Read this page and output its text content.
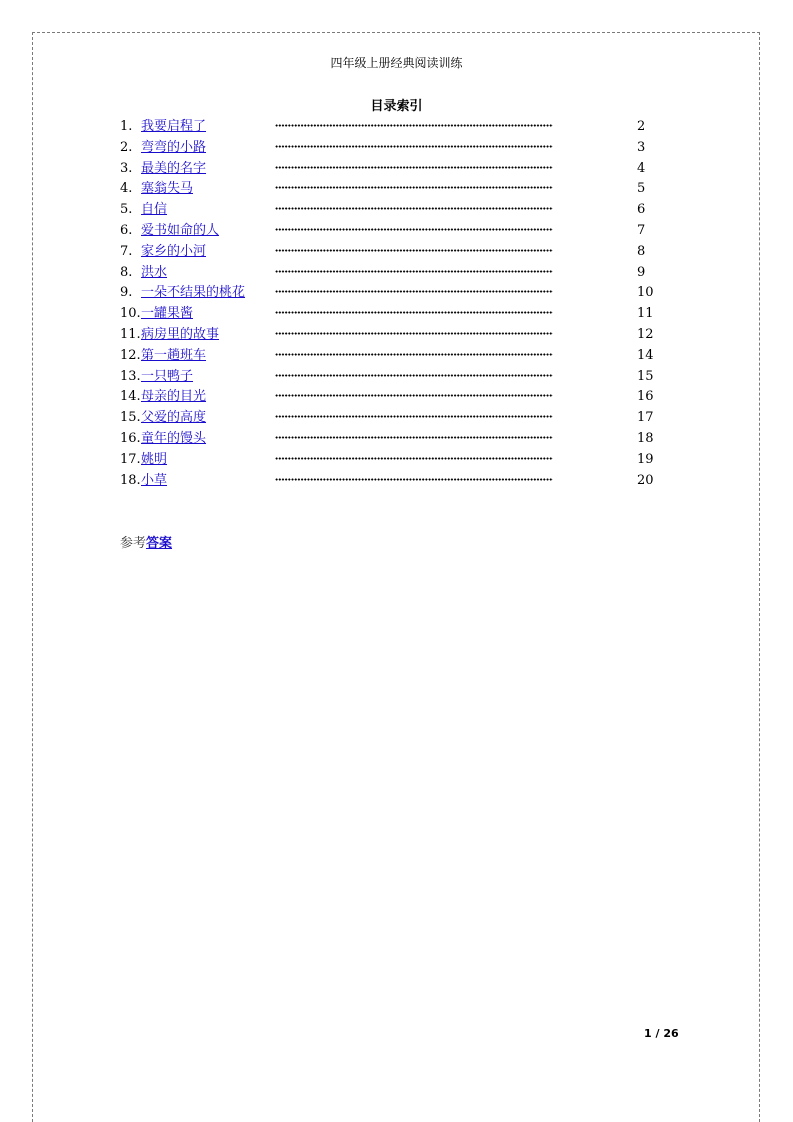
四年级上册经典阅读训练
目录索引
1. 我要启程了	2
2. 弯弯的小路	3
3. 最美的名字	4
4. 塞翁失马	5
5. 自信	6
6. 爱书如命的人	7
7. 家乡的小河	8
8. 洪水	9
9. 一朵不结果的桃花	10
10. 一罐果酱	11
11. 病房里的故事	12
12. 第一趟班车	14
13. 一只鸭子	15
14. 母亲的目光	16
15. 父爱的高度	17
16. 童年的馒头	18
17. 姚明	19
18. 小草	20
参考答案
1 / 26
